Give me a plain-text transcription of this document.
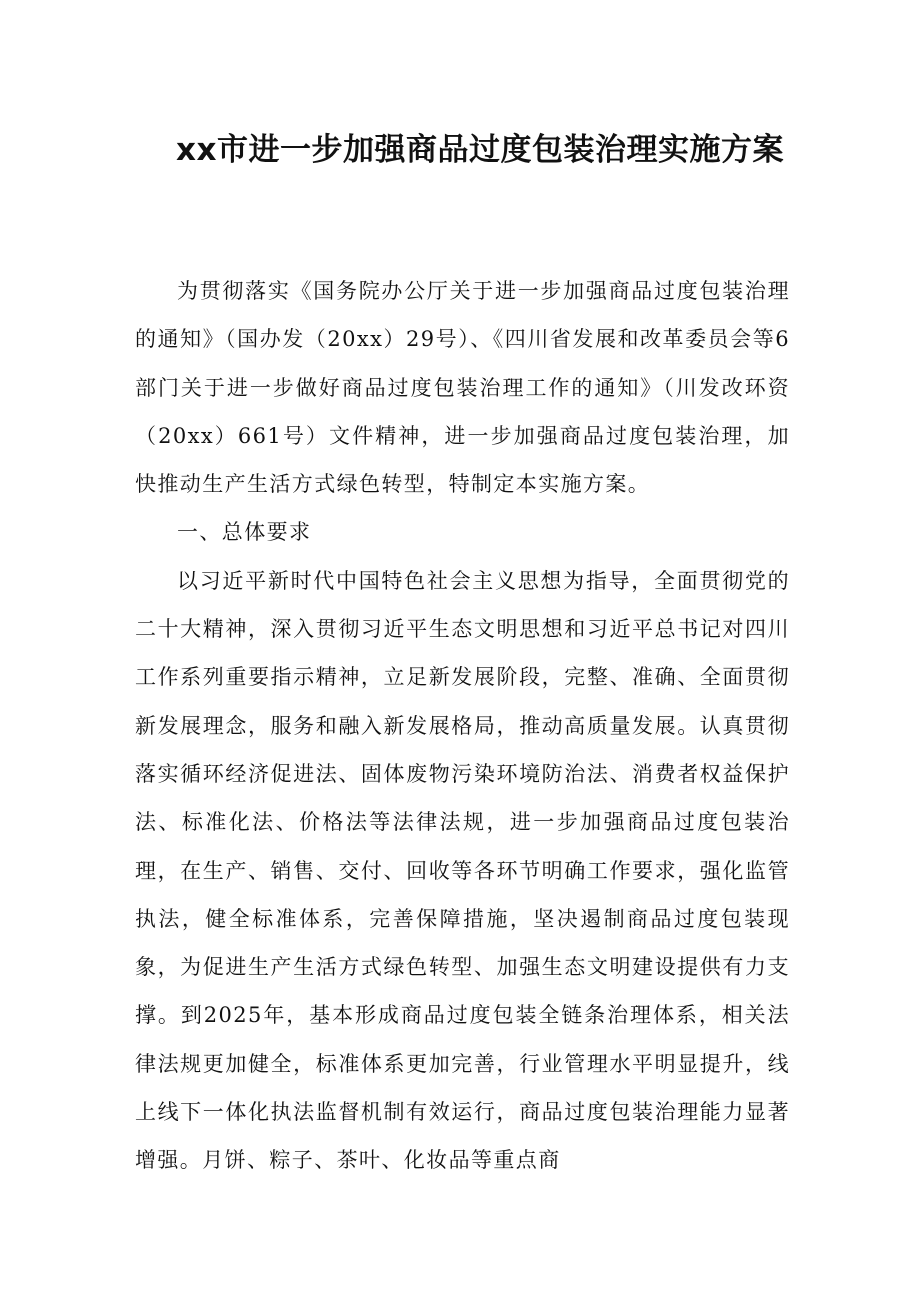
xx市进一步加强商品过度包装治理实施方案

为贯彻落实《国务院办公厅关于进一步加强商品过度包装治理的通知》（国办发（20xx）29号）、《四川省发展和改革委员会等6部门关于进一步做好商品过度包装治理工作的通知》（川发改环资（20xx）661号）文件精神，进一步加强商品过度包装治理，加快推动生产生活方式绿色转型，特制定本实施方案。

一、总体要求

以习近平新时代中国特色社会主义思想为指导，全面贯彻党的二十大精神，深入贯彻习近平生态文明思想和习近平总书记对四川工作系列重要指示精神，立足新发展阶段，完整、准确、全面贯彻新发展理念，服务和融入新发展格局，推动高质量发展。认真贯彻落实循环经济促进法、固体废物污染环境防治法、消费者权益保护法、标准化法、价格法等法律法规，进一步加强商品过度包装治理，在生产、销售、交付、回收等各环节明确工作要求，强化监管执法，健全标准体系，完善保障措施，坚决遏制商品过度包装现象，为促进生产生活方式绿色转型、加强生态文明建设提供有力支撑。到2025年，基本形成商品过度包装全链条治理体系，相关法律法规更加健全，标准体系更加完善，行业管理水平明显提升，线上线下一体化执法监督机制有效运行，商品过度包装治理能力显著增强。月饼、粽子、茶叶、化妆品等重点商
